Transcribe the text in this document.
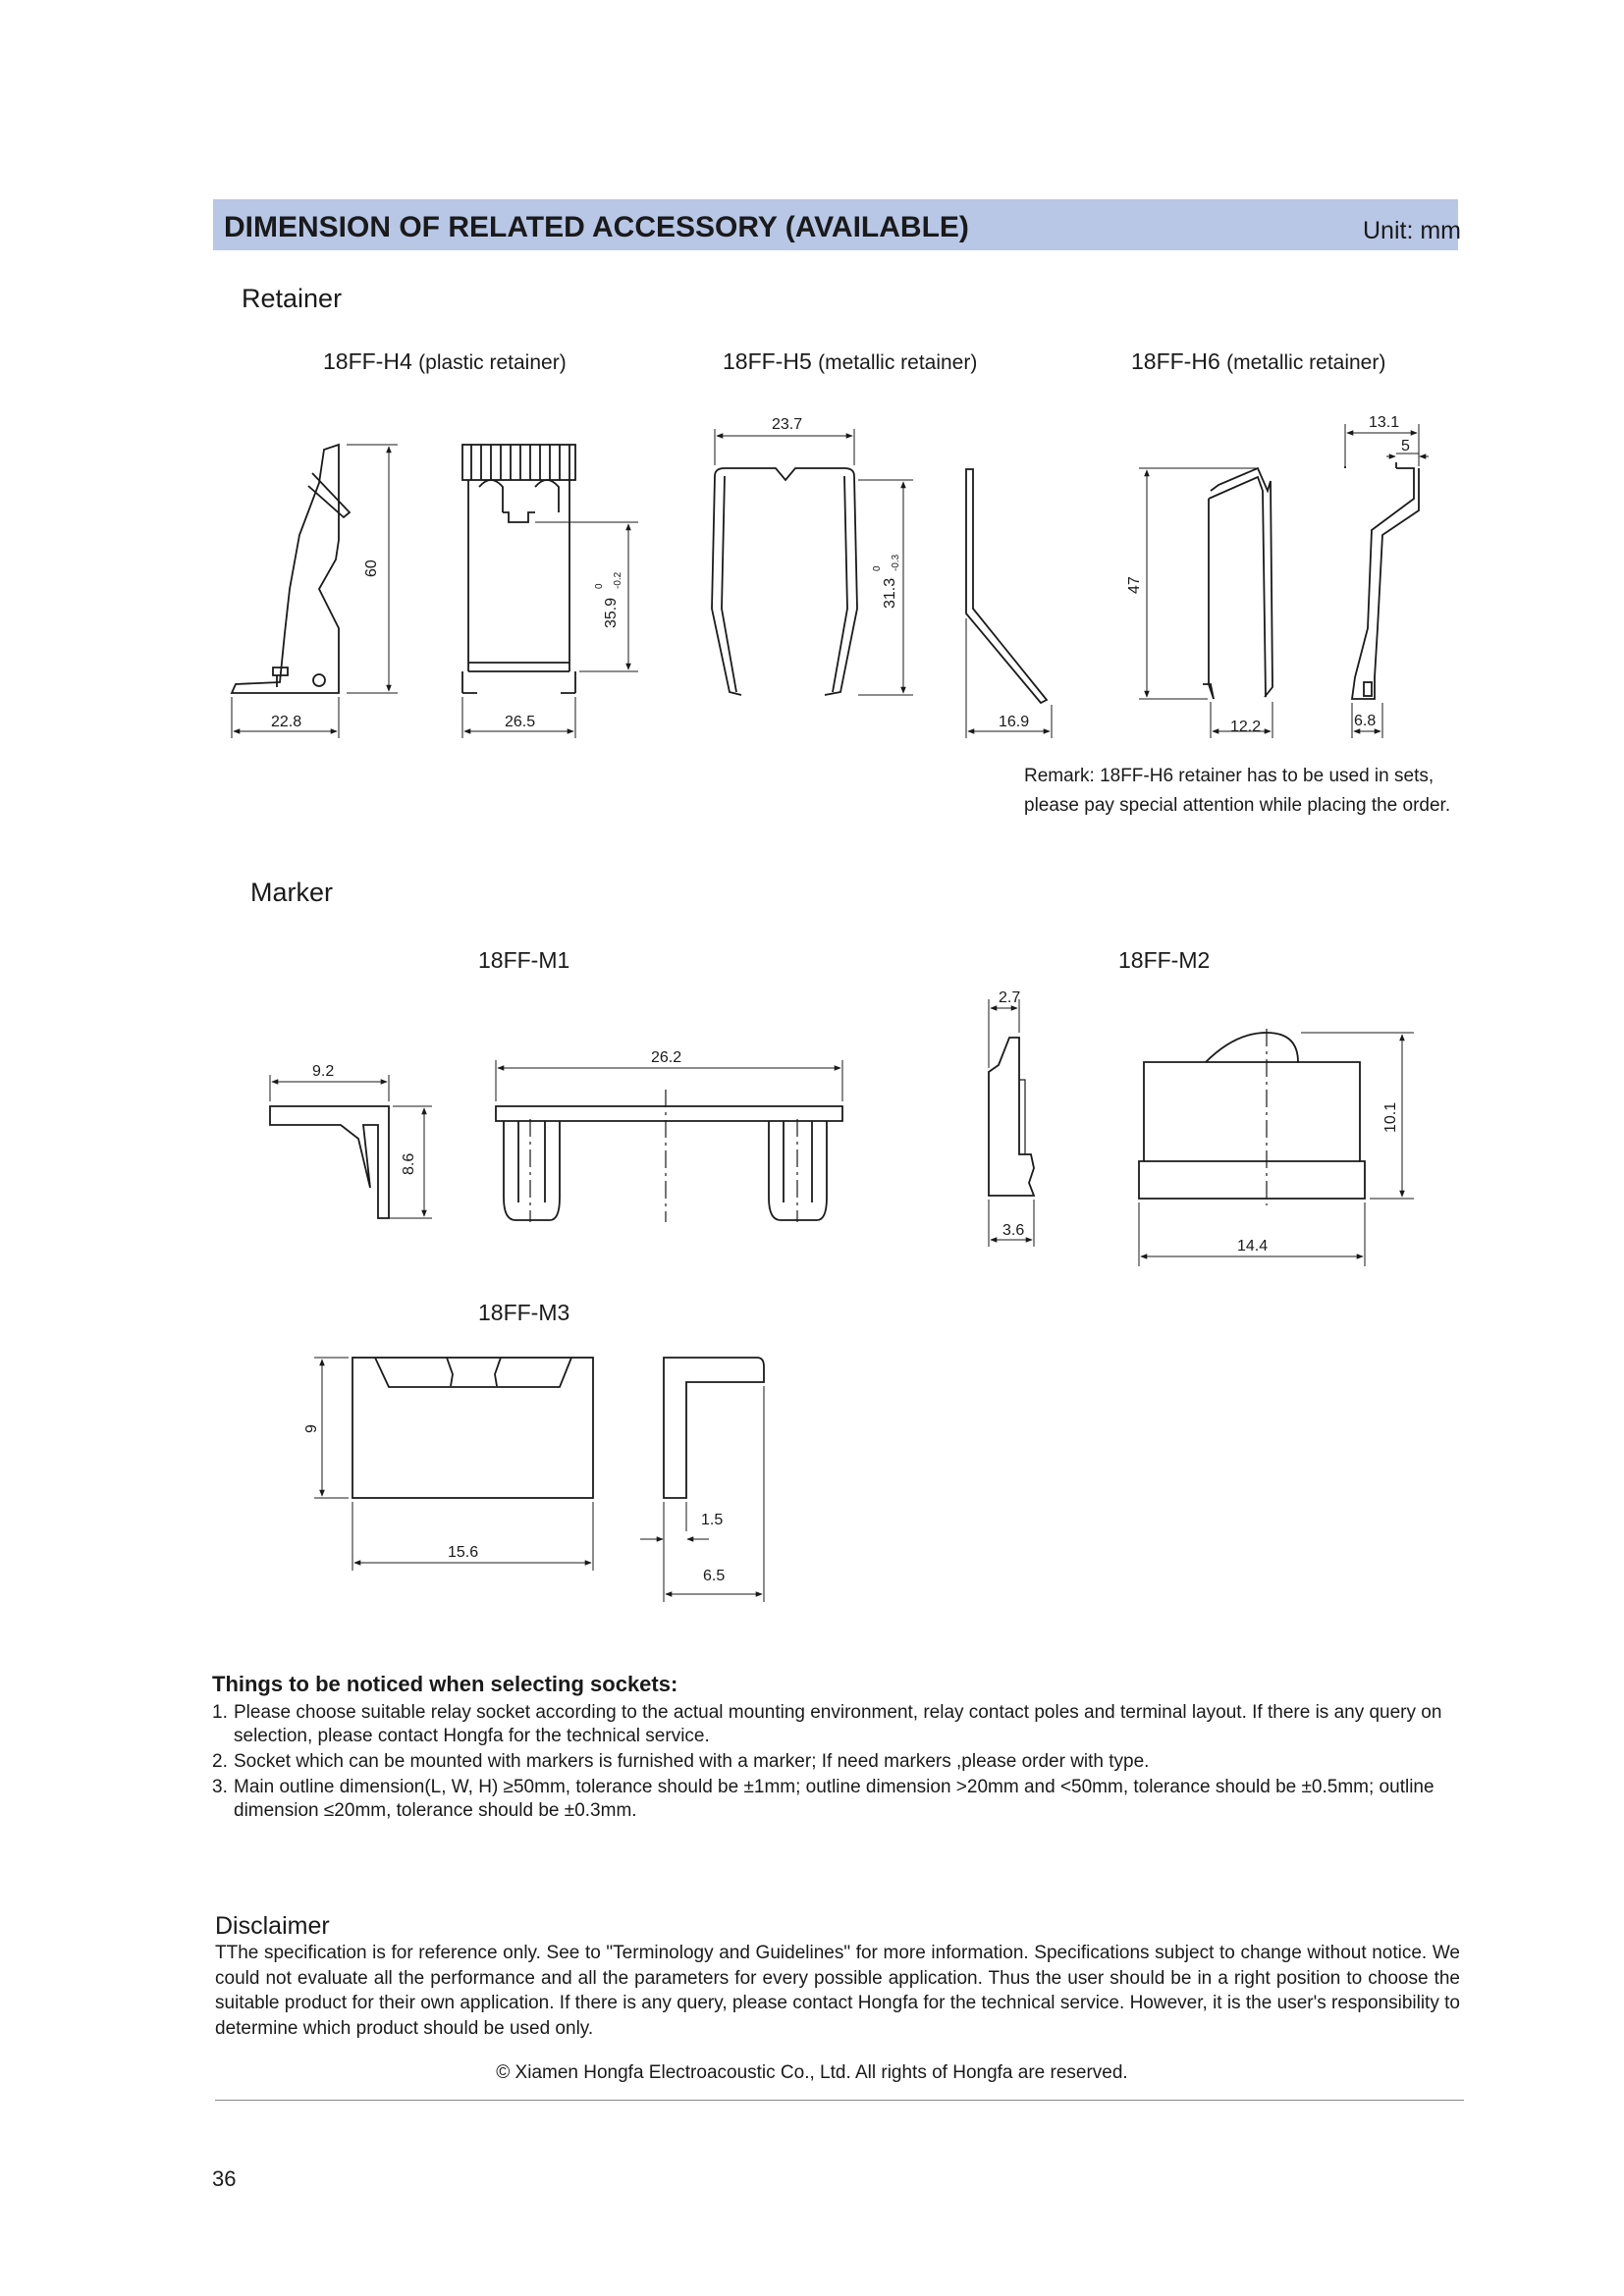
DIMENSION OF RELATED ACCESSORY (AVAILABLE)	Unit: mm
Retainer
18FF-H4 (plastic retainer)	18FF-H5 (metallic retainer)	18FF-H6 (metallic retainer)
60
22.8	26.5
35.9
0 -0.2
23.7
31.3
0 -0.3
16.9
47
12.2
13.1
5
6.8
9.2
8.6
26.2
2.7
3.6
10.1
14.4
9
15.6
1.5
6.5
Remark: 18FF-H6 retainer has to be used in sets,
please pay special attention while placing the order.
Marker
18FF-M1	18FF-M2
18FF-M3
Things to be noticed when selecting sockets:
1. Please choose suitable relay socket according to the actual mounting environment, relay contact poles and terminal layout. If there is any query on selection, please contact Hongfa for the technical service.
2. Socket which can be mounted with markers is furnished with a marker; If need markers ,please order with type.
3. Main outline dimension(L, W, H) ≥50mm, tolerance should be ±1mm; outline dimension >20mm and <50mm, tolerance should be ±0.5mm; outline dimension ≤20mm, tolerance should be ±0.3mm.
Disclaimer
TThe specification is for reference only. See to "Terminology and Guidelines" for more information. Specifications subject to change without notice. We could not evaluate all the performance and all the parameters for every possible application. Thus the user should be in a right position to choose the suitable product for their own application. If there is any query, please contact Hongfa for the technical service. However, it is the user's responsibility to determine which product should be used only.
© Xiamen Hongfa Electroacoustic Co., Ltd. All rights of Hongfa are reserved.
36
